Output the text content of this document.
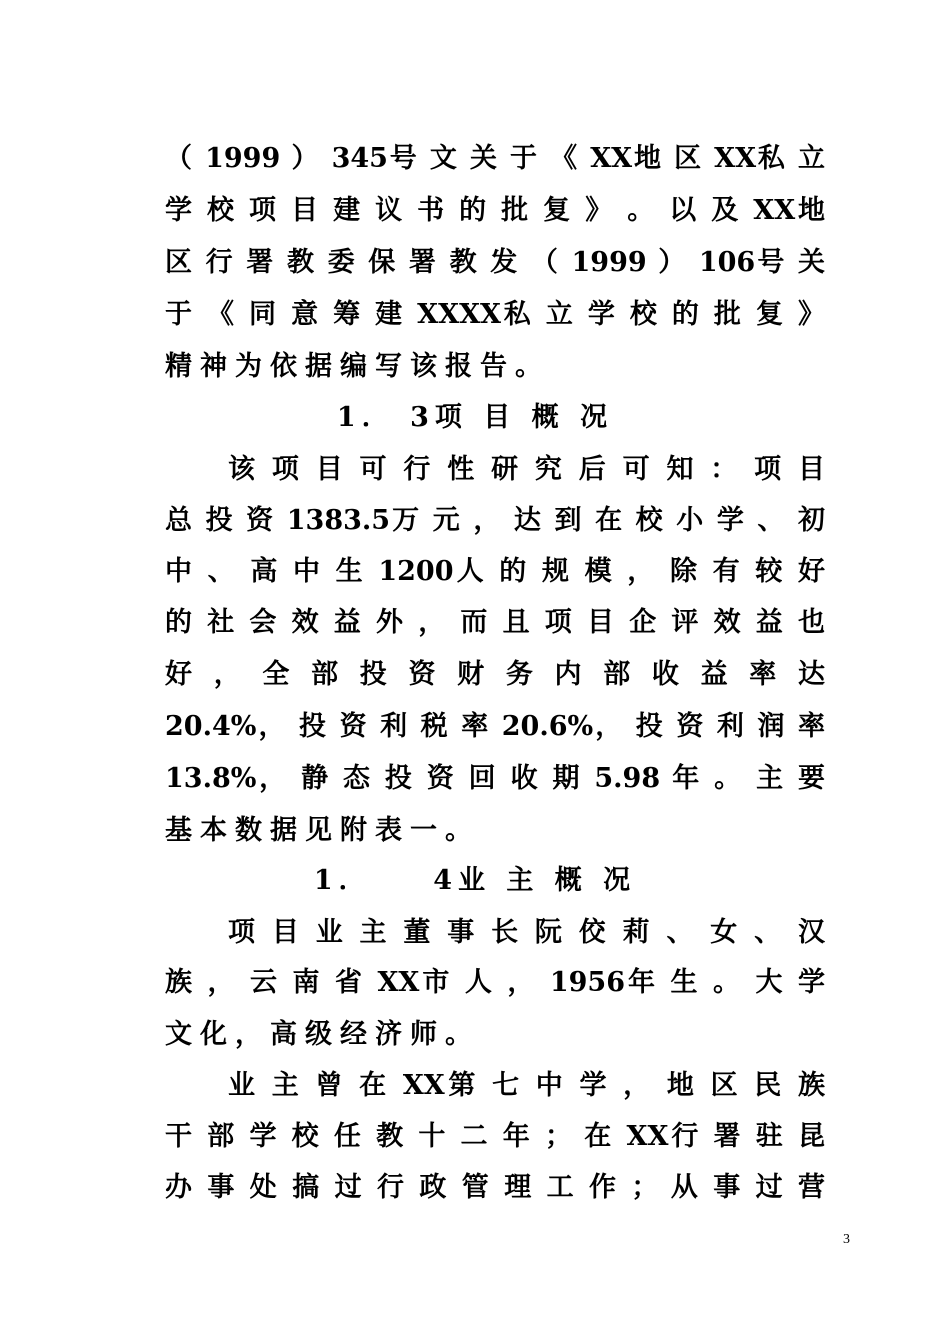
（ 1999 ） 345号 文 关 于 《 XX地 区 XX私 立
学 校 项 目 建 议 书 的 批 复 》 。 以 及 XX地
区 行 署 教 委 保 署 教 发 （ 1999 ） 106号 关
于 《 同 意 筹 建 XXXX私 立 学 校 的 批 复 》
精神为依据编写该报告。
1． 3项 目 概 况
该 项 目 可 行 性 研 究 后 可 知 ： 项 目
总 投 资 1383.5万 元 ， 达 到 在 校 小 学 、 初
中 、 高 中 生 1200人 的 规 模 ， 除 有 较 好
的 社 会 效 益 外 ， 而 且 项 目 企 评 效 益 也
好 ， 全 部 投 资 财 务 内 部 收 益 率 达
20.4%， 投 资 利 税 率 20.6%， 投 资 利 润 率
13.8%， 静 态 投 资 回 收 期 5.98 年 。 主 要
基本数据见附表一。
1．    4业 主 概 况
项 目 业 主 董 事 长 阮 佼 莉 、 女 、 汉
族 ， 云 南 省 XX市 人 ， 1956年 生 。 大 学
文化，高级经济师。
业 主 曾 在 XX第 七 中 学 ， 地 区 民 族
干 部 学 校 任 教 十 二 年 ； 在 XX行 署 驻 昆
办 事 处 搞 过 行 政 管 理 工 作 ； 从 事 过 营
3
